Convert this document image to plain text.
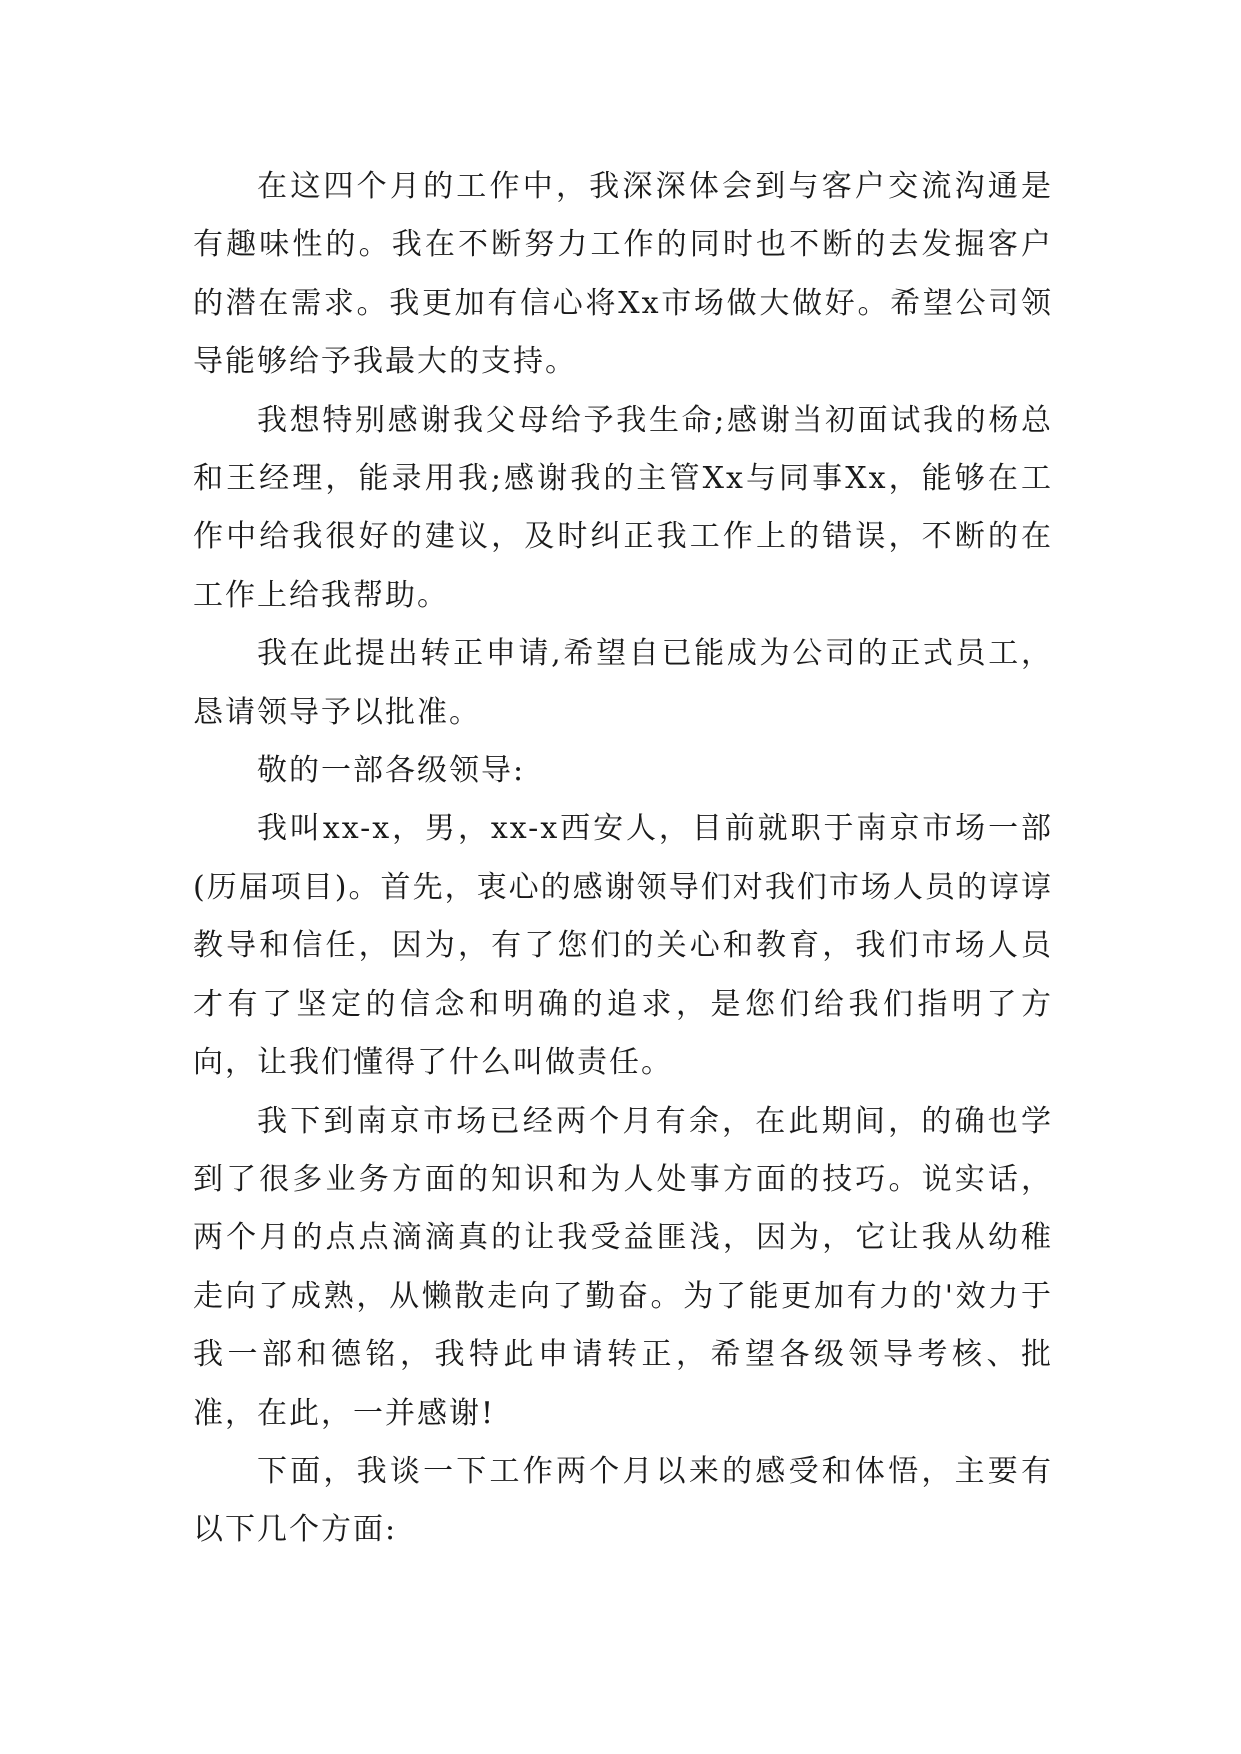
在这四个月的工作中，我深深体会到与客户交流沟通是有趣味性的。我在不断努力工作的同时也不断的去发掘客户的潜在需求。我更加有信心将Xx市场做大做好。希望公司领导能够给予我最大的支持。

我想特别感谢我父母给予我生命;感谢当初面试我的杨总和王经理，能录用我;感谢我的主管Xx与同事Xx，能够在工作中给我很好的建议，及时纠正我工作上的错误，不断的在工作上给我帮助。

我在此提出转正申请,希望自已能成为公司的正式员工，恳请领导予以批准。

敬的一部各级领导:

我叫xx-x，男，xx-x西安人，目前就职于南京市场一部(历届项目)。首先，衷心的感谢领导们对我们市场人员的谆谆教导和信任，因为，有了您们的关心和教育，我们市场人员才有了坚定的信念和明确的追求，是您们给我们指明了方向，让我们懂得了什么叫做责任。

我下到南京市场已经两个月有余，在此期间，的确也学到了很多业务方面的知识和为人处事方面的技巧。说实话，两个月的点点滴滴真的让我受益匪浅，因为，它让我从幼稚走向了成熟，从懒散走向了勤奋。为了能更加有力的'效力于我一部和德铭，我特此申请转正，希望各级领导考核、批准，在此，一并感谢!

下面，我谈一下工作两个月以来的感受和体悟，主要有以下几个方面:
